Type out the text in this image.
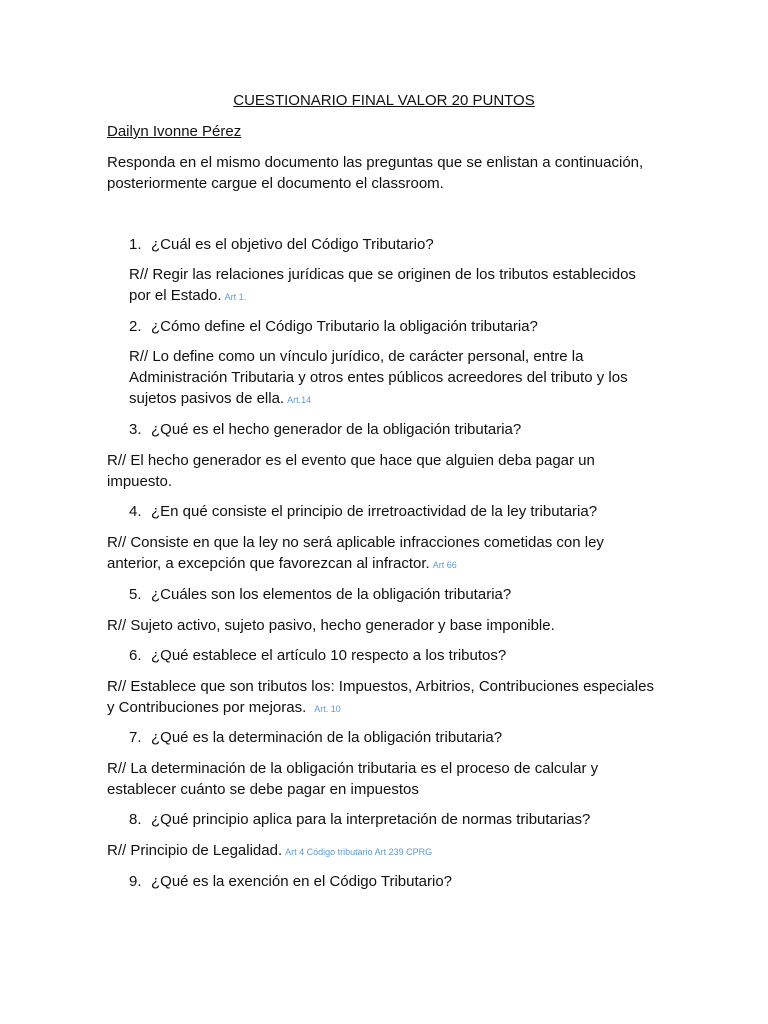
CUESTIONARIO FINAL VALOR 20 PUNTOS
Dailyn Ivonne Pérez
Responda en el mismo documento las preguntas que se enlistan a continuación,
posteriormente cargue el documento el classroom.
1. ¿Cuál es el objetivo del Código Tributario?
R// Regir las relaciones jurídicas que se originen de los tributos establecidos
por el Estado. Art 1.
2. ¿Cómo define el Código Tributario la obligación tributaria?
R// Lo define como un vínculo jurídico, de carácter personal, entre la
Administración Tributaria y otros entes públicos acreedores del tributo y los
sujetos pasivos de ella. Art.14
3. ¿Qué es el hecho generador de la obligación tributaria?
R// El hecho generador es el evento que hace que alguien deba pagar un
impuesto.
4. ¿En qué consiste el principio de irretroactividad de la ley tributaria?
R// Consiste en que la ley no será aplicable infracciones cometidas con ley
anterior, a excepción que favorezcan al infractor. Art 66
5. ¿Cuáles son los elementos de la obligación tributaria?
R// Sujeto activo, sujeto pasivo, hecho generador y base imponible.
6. ¿Qué establece el artículo 10 respecto a los tributos?
R// Establece que son tributos los: Impuestos, Arbitrios, Contribuciones especiales
y Contribuciones por mejoras. Art. 10
7. ¿Qué es la determinación de la obligación tributaria?
R// La determinación de la obligación tributaria es el proceso de calcular y
establecer cuánto se debe pagar en impuestos
8. ¿Qué principio aplica para la interpretación de normas tributarias?
R// Principio de Legalidad. Art 4 Código tributario Art 239 CPRG
9. ¿Qué es la exención en el Código Tributario?
